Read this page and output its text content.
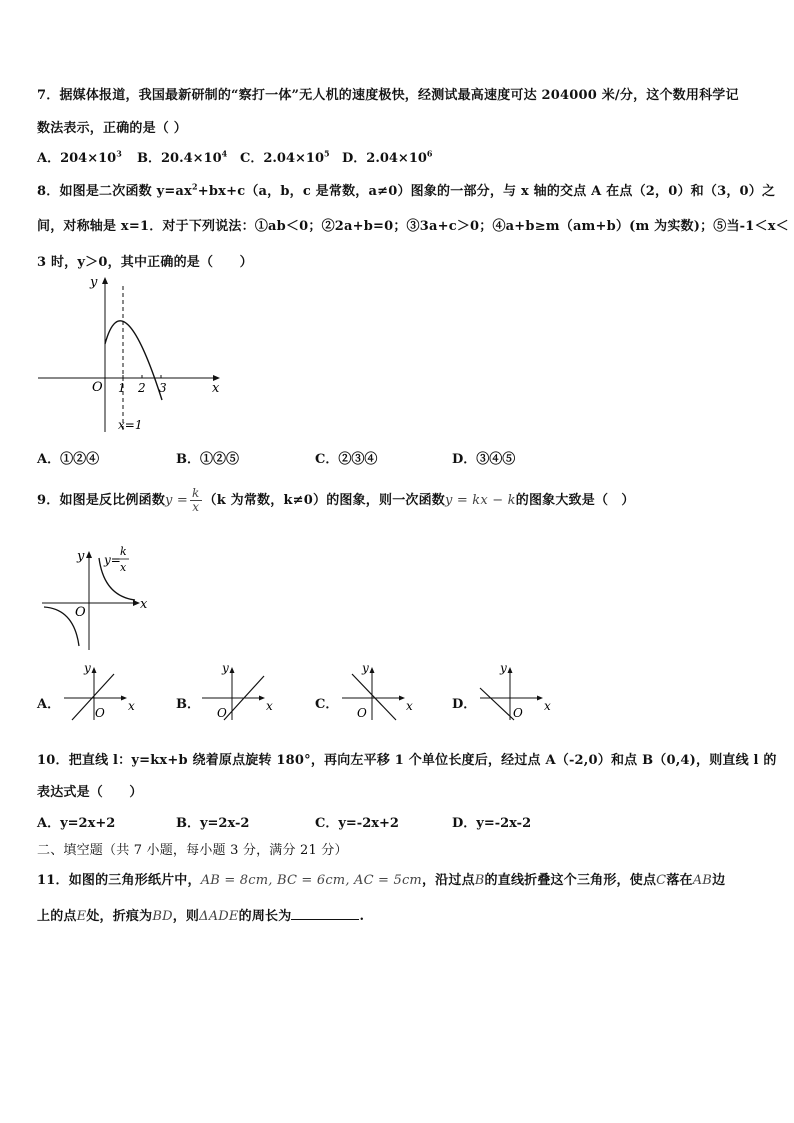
7．据媒体报道，我国最新研制的“察打一体”无人机的速度极快，经测试最高速度可达 204000 米/分，这个数用科学记
数法表示，正确的是（ ）
A．$204\times 10^3$ B．$20.4\times 10^4$ C．$2.04\times 10^5$ D．$2.04\times 10^6$
8．如图是二次函数 $y=ax^2+bx+c(a$，b，c 是常数，a≠0）图象的一部分，与 x 轴的交点 A 在点（2，0）和（3，0）之
间，对称轴是 x=1．对于下列说法：①ab＜0；②2a+b=0；③3a+c＞0；④a+b≥m（am+b）(m 为实数)；⑤当-1＜x＜
3 时，y＞0，其中正确的是（　　）
y
x
O 1 2 3
x=1
A．①②④	B．①②⑤	C．②③④	D．③④⑤
9．如图是反比例函数$y = \frac{k}{x} (k$ 为常数，k≠0）的图象，则一次函数y = kx − k的图象大致是（　）
y
x
O
y=
k
x
A．
y
x
O
B．
y
x
O
C．
y
x
O
D．
y
x
O
10．把直线 l：y=kx+b 绕着原点旋转 180°，再向左平移 1 个单位长度后，经过点 A（-2,0）和点 B（0,4)，则直线 l 的
表达式是（　　）
A．y=2x+2	B．y=2x-2	C．y=-2x+2	D．y=-2x-2
二、填空题（共 7 小题，每小题 3 分，满分 21 分）
11．如图的三角形纸片中，AB = 8cm, BC = 6cm, AC = 5cm，沿过点B的直线折叠这个三角形，使点C落在AB边
上的点E处，折痕为BD，则ΔADE的周长为	.
